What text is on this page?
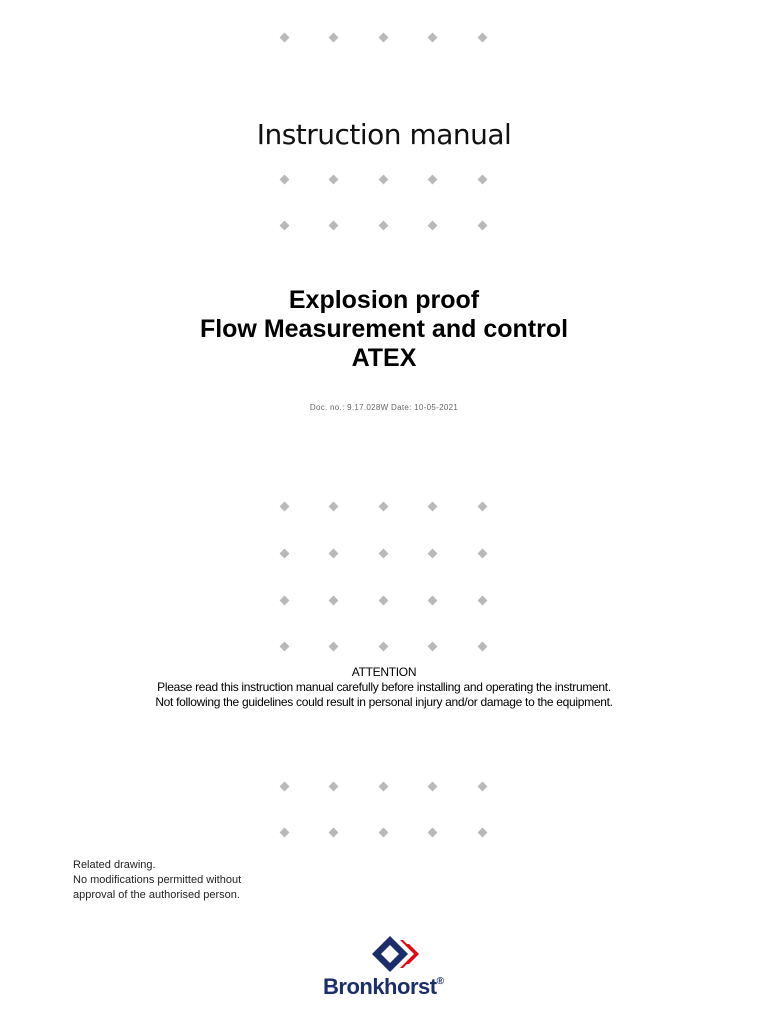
Instruction manual
Explosion proof
Flow Measurement and control
ATEX
Doc. no.: 9.17.028W Date: 10-05-2021
ATTENTION
Please read this instruction manual carefully before installing and operating the instrument.
Not following the guidelines could result in personal injury and/or damage to the equipment.
Related drawing.
No modifications permitted without
approval of the authorised person.
Bronkhorst®
